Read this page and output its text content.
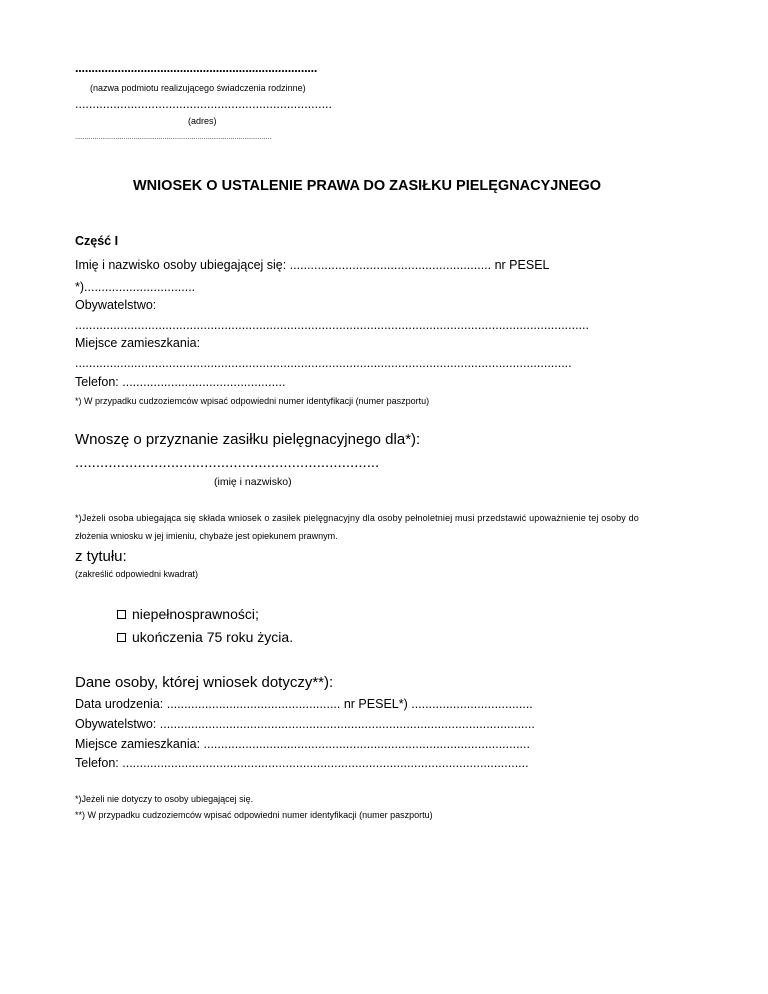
..........................................................................
(nazwa podmiotu realizującego świadczenia rodzinne)
..........................................................................
(adres)
.....................................................................................................
WNIOSEK O USTALENIE PRAWA DO ZASIŁKU PIELĘGNACYJNEGO
Część I
Imię i nazwisko osoby ubiegającej się: .......................................................... nr PESEL
*)................................
Obywatelstwo:
....................................................................................................................................................
Miejsce zamieszkania:
...............................................................................................................................................
Telefon: ...............................................
*) W przypadku cudzoziemców wpisać odpowiedni numer identyfikacji (numer paszportu)
Wnoszę o przyznanie zasiłku pielęgnacyjnego dla*):
.........................................................................
(imię i nazwisko)
*)Jeżeli osoba ubiegająca się składa wniosek o zasiłek pielęgnacyjny dla osoby pełnoletniej musi przedstawić upoważnienie tej osoby do
złożenia wniosku w jej imieniu, chybaże jest opiekunem prawnym.
z tytułu:
(zakreślić odpowiedni kwadrat)
niepełnosprawności;
ukończenia 75 roku życia.
Dane osoby, której wniosek dotyczy**):
Data urodzenia: .................................................. nr PESEL*) ...................................
Obywatelstwo: ............................................................................................................
Miejsce zamieszkania: ..............................................................................................
Telefon: .....................................................................................................................
*)Jeżeli nie dotyczy to osoby ubiegającej się.
**) W przypadku cudzoziemców wpisać odpowiedni numer identyfikacji (numer paszportu)
